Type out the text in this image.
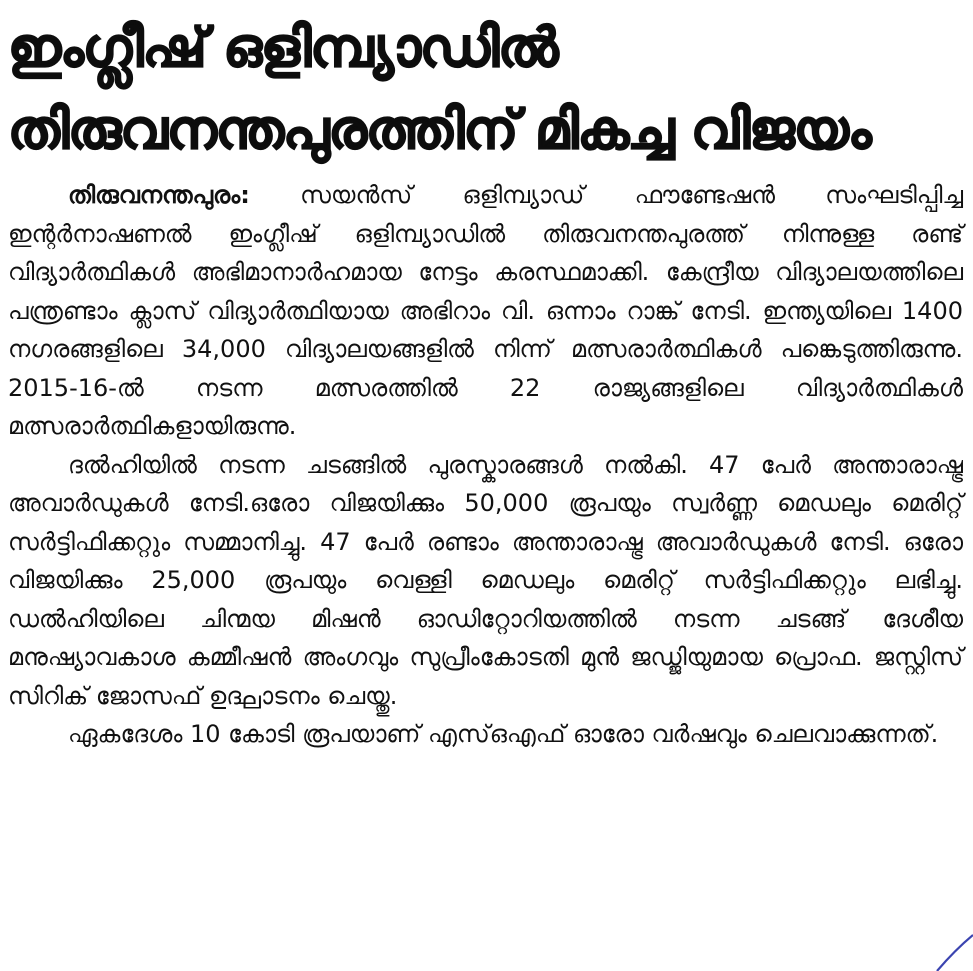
ഇംഗ്ലീഷ് ഒളിമ്പ്യാഡിൽ
തിരുവനന്തപുരത്തിന് മികച്ച വിജയം

തിരുവനന്തപുരം: സയൻസ് ഒളിമ്പ്യാഡ് ഫൗണ്ടേഷൻ സംഘടിപ്പിച്ച ഇന്റർനാഷണൽ ഇംഗ്ലീഷ് ഒളിമ്പ്യാഡിൽ തിരുവനന്തപുരത്ത് നിന്നുള്ള രണ്ട് വിദ്യാർത്ഥികൾ അഭിമാനാർഹമായ നേട്ടം കരസ്ഥമാക്കി. കേന്ദ്രീയ വിദ്യാലയത്തിലെ പന്ത്രണ്ടാം ക്ലാസ് വിദ്യാർത്ഥിയായ അഭിറാം വി. ഒന്നാം റാങ്ക് നേടി. ഇന്ത്യയിലെ 1400 നഗരങ്ങളിലെ 34,000 വിദ്യാലയങ്ങളിൽ നിന്ന് മത്സരാർത്ഥികൾ പങ്കെടുത്തിരുന്നു. 2015-16-ൽ നടന്ന മത്സരത്തിൽ 22 രാജ്യങ്ങളിലെ വിദ്യാർത്ഥികൾ മത്സരാർത്ഥികളായിരുന്നു.

ദൽഹിയിൽ നടന്ന ചടങ്ങിൽ പുരസ്കാരങ്ങൾ നൽകി. 47 പേർ അന്താരാഷ്ട്ര അവാർഡുകൾ നേടി.ഒരോ വിജയിക്കും 50,000 രൂപയും സ്വർണ്ണ മെഡലും മെരിറ്റ് സർട്ടിഫിക്കറ്റും സമ്മാനിച്ചു. 47 പേർ രണ്ടാം അന്താരാഷ്ട്ര അവാർഡുകൾ നേടി. ഒരോ വിജയിക്കും 25,000 രൂപയും വെള്ളി മെഡലും മെരിറ്റ് സർട്ടിഫിക്കറ്റും ലഭിച്ചു. ഡൽഹിയിലെ ചിന്മയ മിഷൻ ഓഡിറ്റോറിയത്തിൽ നടന്ന ചടങ്ങ് ദേശീയ മനുഷ്യാവകാശ കമ്മീഷൻ അംഗവും സുപ്രീംകോടതി മുൻ ജഡ്ജിയുമായ പ്രൊഫ. ജസ്റ്റിസ് സിറിക് ജോസഫ് ഉദ്ഘാടനം ചെയ്തു.

ഏകദേശം 10 കോടി രൂപയാണ് എസ്ഒഎഫ് ഓരോ വർഷവും ചെലവാക്കുന്നത്.
